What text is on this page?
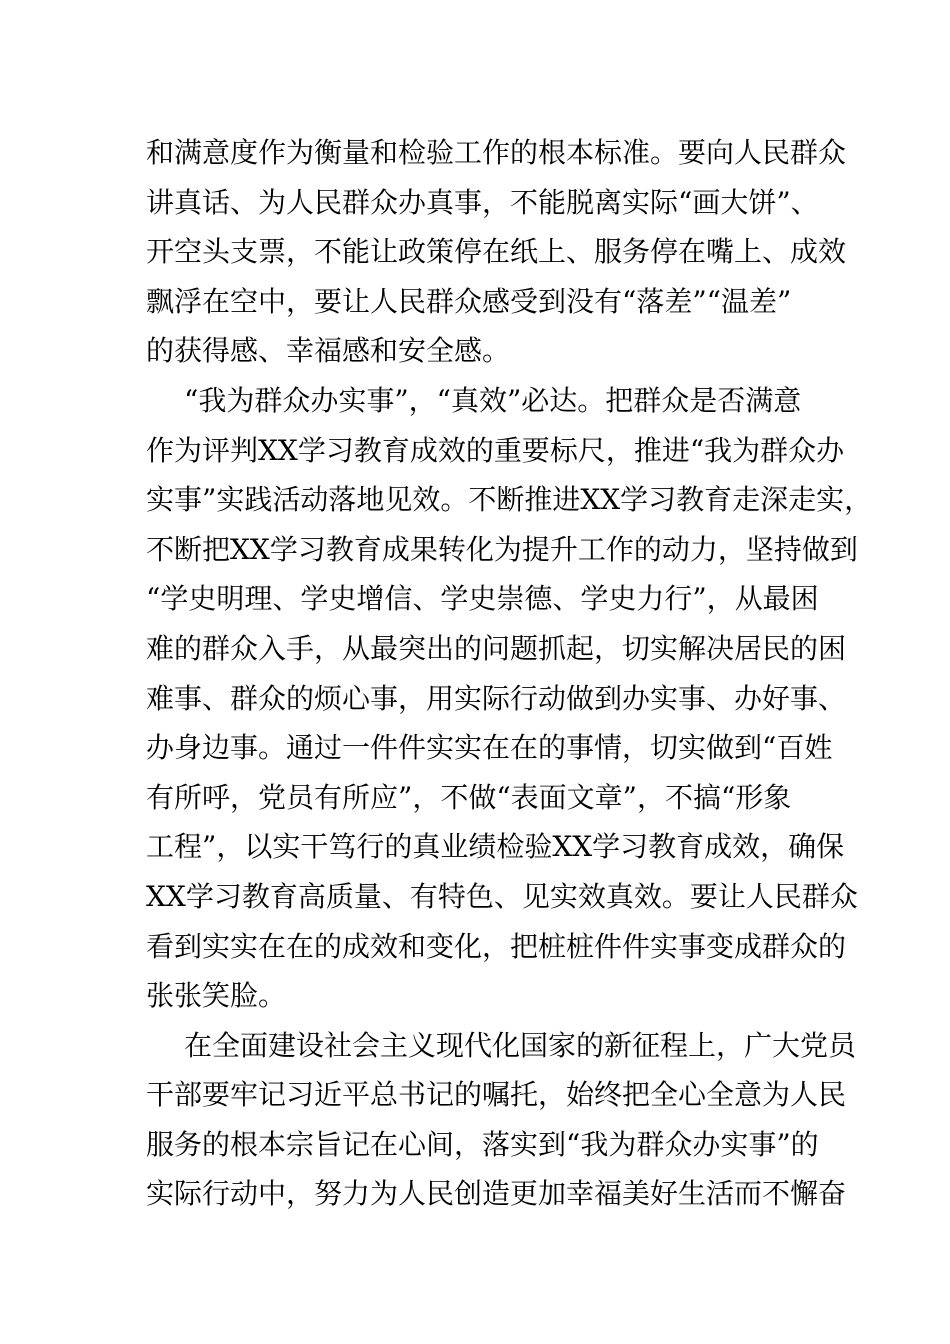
和满意度作为衡量和检验工作的根本标准。要向人民群众
讲真话、为人民群众办真事，不能脱离实际“画大饼”、
开空头支票，不能让政策停在纸上、服务停在嘴上、成效
飘浮在空中，要让人民群众感受到没有“落差”“温差”
的获得感、幸福感和安全感。
“我为群众办实事”，“真效”必达。把群众是否满意
作为评判XX学习教育成效的重要标尺，推进“我为群众办
实事”实践活动落地见效。不断推进XX学习教育走深走实，
不断把XX学习教育成果转化为提升工作的动力，坚持做到
“学史明理、学史增信、学史崇德、学史力行”，从最困
难的群众入手，从最突出的问题抓起，切实解决居民的困
难事、群众的烦心事，用实际行动做到办实事、办好事、
办身边事。通过一件件实实在在的事情，切实做到“百姓
有所呼，党员有所应”，不做“表面文章”，不搞“形象
工程”，以实干笃行的真业绩检验XX学习教育成效，确保
XX学习教育高质量、有特色、见实效真效。要让人民群众
看到实实在在的成效和变化，把桩桩件件实事变成群众的
张张笑脸。
在全面建设社会主义现代化国家的新征程上，广大党员
干部要牢记习近平总书记的嘱托，始终把全心全意为人民
服务的根本宗旨记在心间，落实到“我为群众办实事”的
实际行动中，努力为人民创造更加幸福美好生活而不懈奋
